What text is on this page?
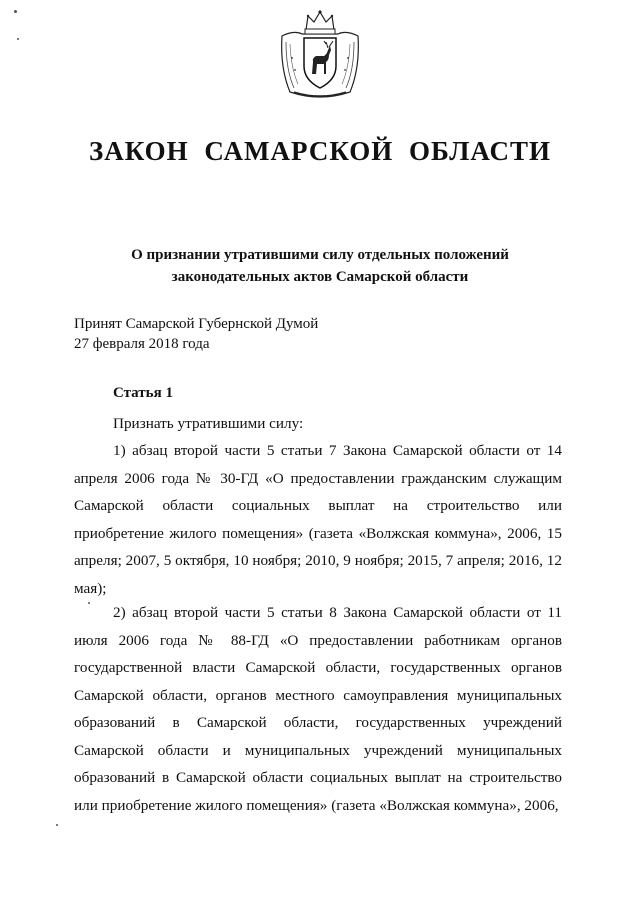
ЗАКОН САМАРСКОЙ ОБЛАСТИ
О признании утратившими силу отдельных положений
законодательных актов Самарской области
Принят Самарской Губернской Думой
27 февраля 2018 года
Статья 1
Признать утратившими силу:
1) абзац второй части 5 статьи 7 Закона Самарской области от 14 апреля 2006 года № 30-ГД «О предоставлении гражданским служащим Самарской области социальных выплат на строительство или приобретение жилого помещения» (газета «Волжская коммуна», 2006, 15 апреля; 2007, 5 октября, 10 ноября; 2010, 9 ноября; 2015, 7 апреля; 2016, 12 мая);
2) абзац второй части 5 статьи 8 Закона Самарской области от 11 июля 2006 года № 88-ГД «О предоставлении работникам органов государственной власти Самарской области, государственных органов Самарской области, органов местного самоуправления муниципальных образований в Самарской области, государственных учреждений Самарской области и муниципальных учреждений муниципальных образований в Самарской области социальных выплат на строительство или приобретение жилого помещения» (газета «Волжская коммуна», 2006,
